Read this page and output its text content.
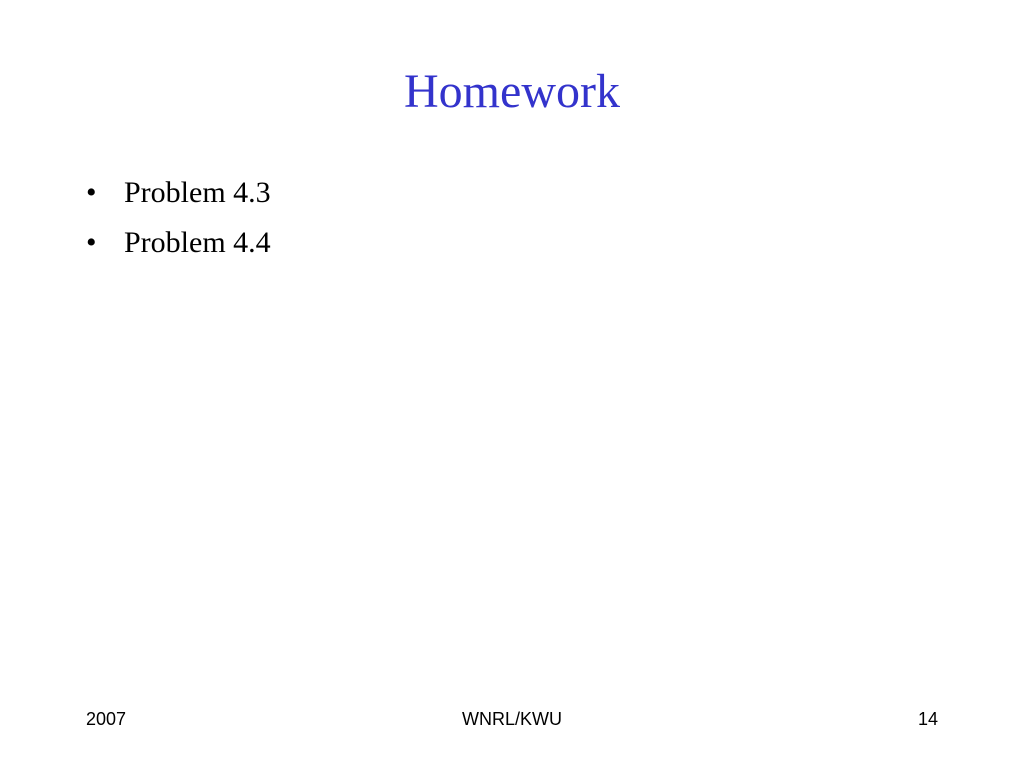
Homework
• Problem 4.3
• Problem 4.4
2007	WNRL/KWU	14
